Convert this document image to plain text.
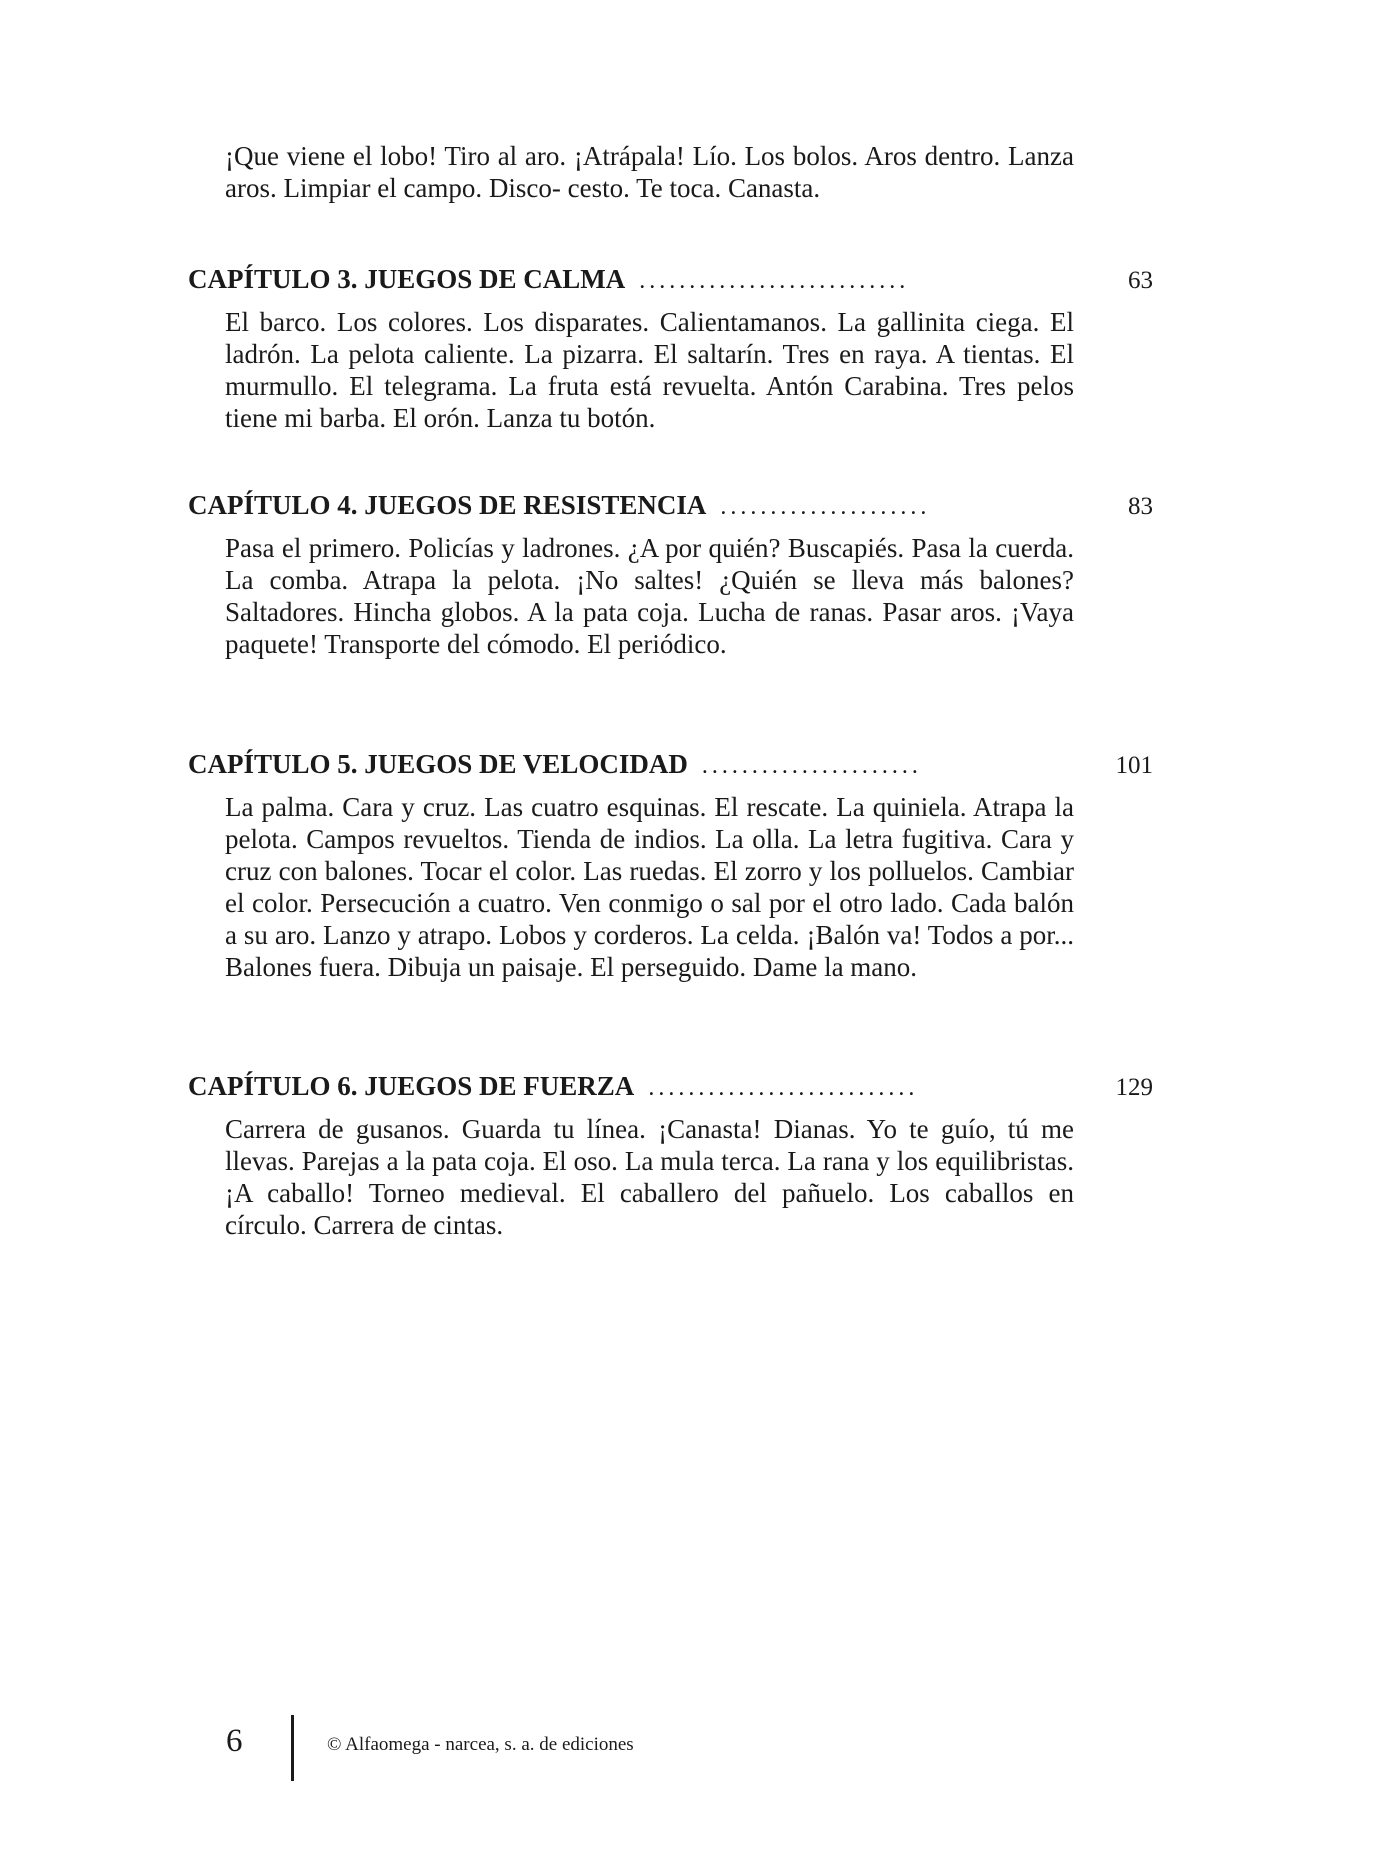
¡Que viene el lobo! Tiro al aro. ¡Atrápala! Lío. Los bolos. Aros dentro. Lanza aros. Limpiar el campo. Disco- cesto. Te toca. Canasta.

CAPÍTULO 3. JUEGOS DE CALMA ...........................	63

El barco. Los colores. Los disparates. Calientamanos. La gallinita ciega. El ladrón. La pelota caliente. La pizarra. El saltarín. Tres en raya. A tientas. El murmullo. El telegrama. La fruta está revuelta. Antón Carabina. Tres pelos tiene mi barba. El orón. Lanza tu botón.

CAPÍTULO 4. JUEGOS DE RESISTENCIA .....................	83

Pasa el primero. Policías y ladrones. ¿A por quién? Buscapiés. Pasa la cuerda. La comba. Atrapa la pelota. ¡No saltes! ¿Quién se lleva más balones? Saltadores. Hincha globos. A la pata coja. Lucha de ranas. Pasar aros. ¡Vaya paquete! Transporte del cómodo. El periódico.

CAPÍTULO 5. JUEGOS DE VELOCIDAD ......................	101

La palma. Cara y cruz. Las cuatro esquinas. El rescate. La quiniela. Atrapa la pelota. Campos revueltos. Tienda de indios. La olla. La letra fugitiva. Cara y cruz con balones. Tocar el color. Las ruedas. El zorro y los polluelos. Cambiar el color. Persecución a cuatro. Ven conmigo o sal por el otro lado. Cada balón a su aro. Lanzo y atrapo. Lobos y corderos. La celda. ¡Balón va! Todos a por... Balones fuera. Dibuja un paisaje. El perseguido. Dame la mano.

CAPÍTULO 6. JUEGOS DE FUERZA ...........................	129

Carrera de gusanos. Guarda tu línea. ¡Canasta! Dianas. Yo te guío, tú me llevas. Parejas a la pata coja. El oso. La mula terca. La rana y los equilibristas. ¡A caballo! Torneo medieval. El caballero del pañuelo. Los caballos en círculo. Carrera de cintas.

6	© Alfaomega - narcea, s. a. de ediciones
